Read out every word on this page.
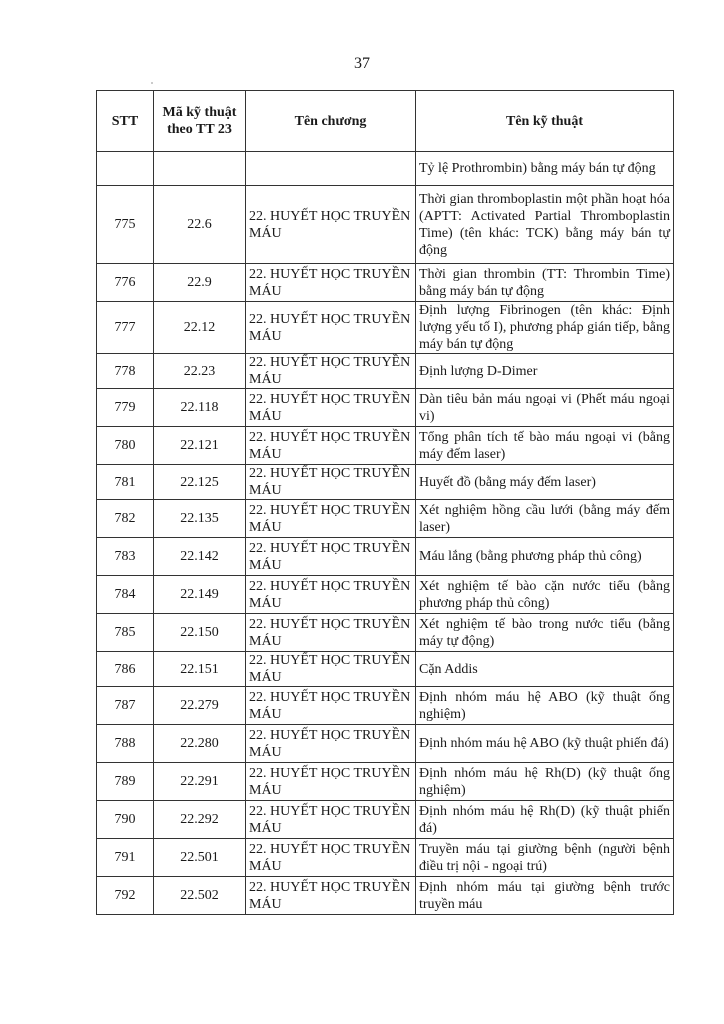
37
STT	Mã kỹ thuật theo TT 23	Tên chương	Tên kỹ thuật
			Tỷ lệ Prothrombin) bằng máy bán tự động
775	22.6	22. HUYẾT HỌC TRUYỀN MÁU	Thời gian thromboplastin một phần hoạt hóa (APTT: Activated Partial Thromboplastin Time) (tên khác: TCK) bằng máy bán tự động
776	22.9	22. HUYẾT HỌC TRUYỀN MÁU	Thời gian thrombin (TT: Thrombin Time) bằng máy bán tự động
777	22.12	22. HUYẾT HỌC TRUYỀN MÁU	Định lượng Fibrinogen (tên khác: Định lượng yếu tố I), phương pháp gián tiếp, bằng máy bán tự động
778	22.23	22. HUYẾT HỌC TRUYỀN MÁU	Định lượng D-Dimer
779	22.118	22. HUYẾT HỌC TRUYỀN MÁU	Dàn tiêu bản máu ngoại vi (Phết máu ngoại vi)
780	22.121	22. HUYẾT HỌC TRUYỀN MÁU	Tổng phân tích tế bào máu ngoại vi (bằng máy đếm laser)
781	22.125	22. HUYẾT HỌC TRUYỀN MÁU	Huyết đồ (bằng máy đếm laser)
782	22.135	22. HUYẾT HỌC TRUYỀN MÁU	Xét nghiệm hồng cầu lưới (bằng máy đếm laser)
783	22.142	22. HUYẾT HỌC TRUYỀN MÁU	Máu lắng (bằng phương pháp thủ công)
784	22.149	22. HUYẾT HỌC TRUYỀN MÁU	Xét nghiệm tế bào cặn nước tiểu (bằng phương pháp thủ công)
785	22.150	22. HUYẾT HỌC TRUYỀN MÁU	Xét nghiệm tế bào trong nước tiểu (bằng máy tự động)
786	22.151	22. HUYẾT HỌC TRUYỀN MÁU	Cặn Addis
787	22.279	22. HUYẾT HỌC TRUYỀN MÁU	Định nhóm máu hệ ABO (kỹ thuật ống nghiệm)
788	22.280	22. HUYẾT HỌC TRUYỀN MÁU	Định nhóm máu hệ ABO (kỹ thuật phiến đá)
789	22.291	22. HUYẾT HỌC TRUYỀN MÁU	Định nhóm máu hệ Rh(D) (kỹ thuật ống nghiệm)
790	22.292	22. HUYẾT HỌC TRUYỀN MÁU	Định nhóm máu hệ Rh(D) (kỹ thuật phiến đá)
791	22.501	22. HUYẾT HỌC TRUYỀN MÁU	Truyền máu tại giường bệnh (người bệnh điều trị nội - ngoại trú)
792	22.502	22. HUYẾT HỌC TRUYỀN MÁU	Định nhóm máu tại giường bệnh trước truyền máu
